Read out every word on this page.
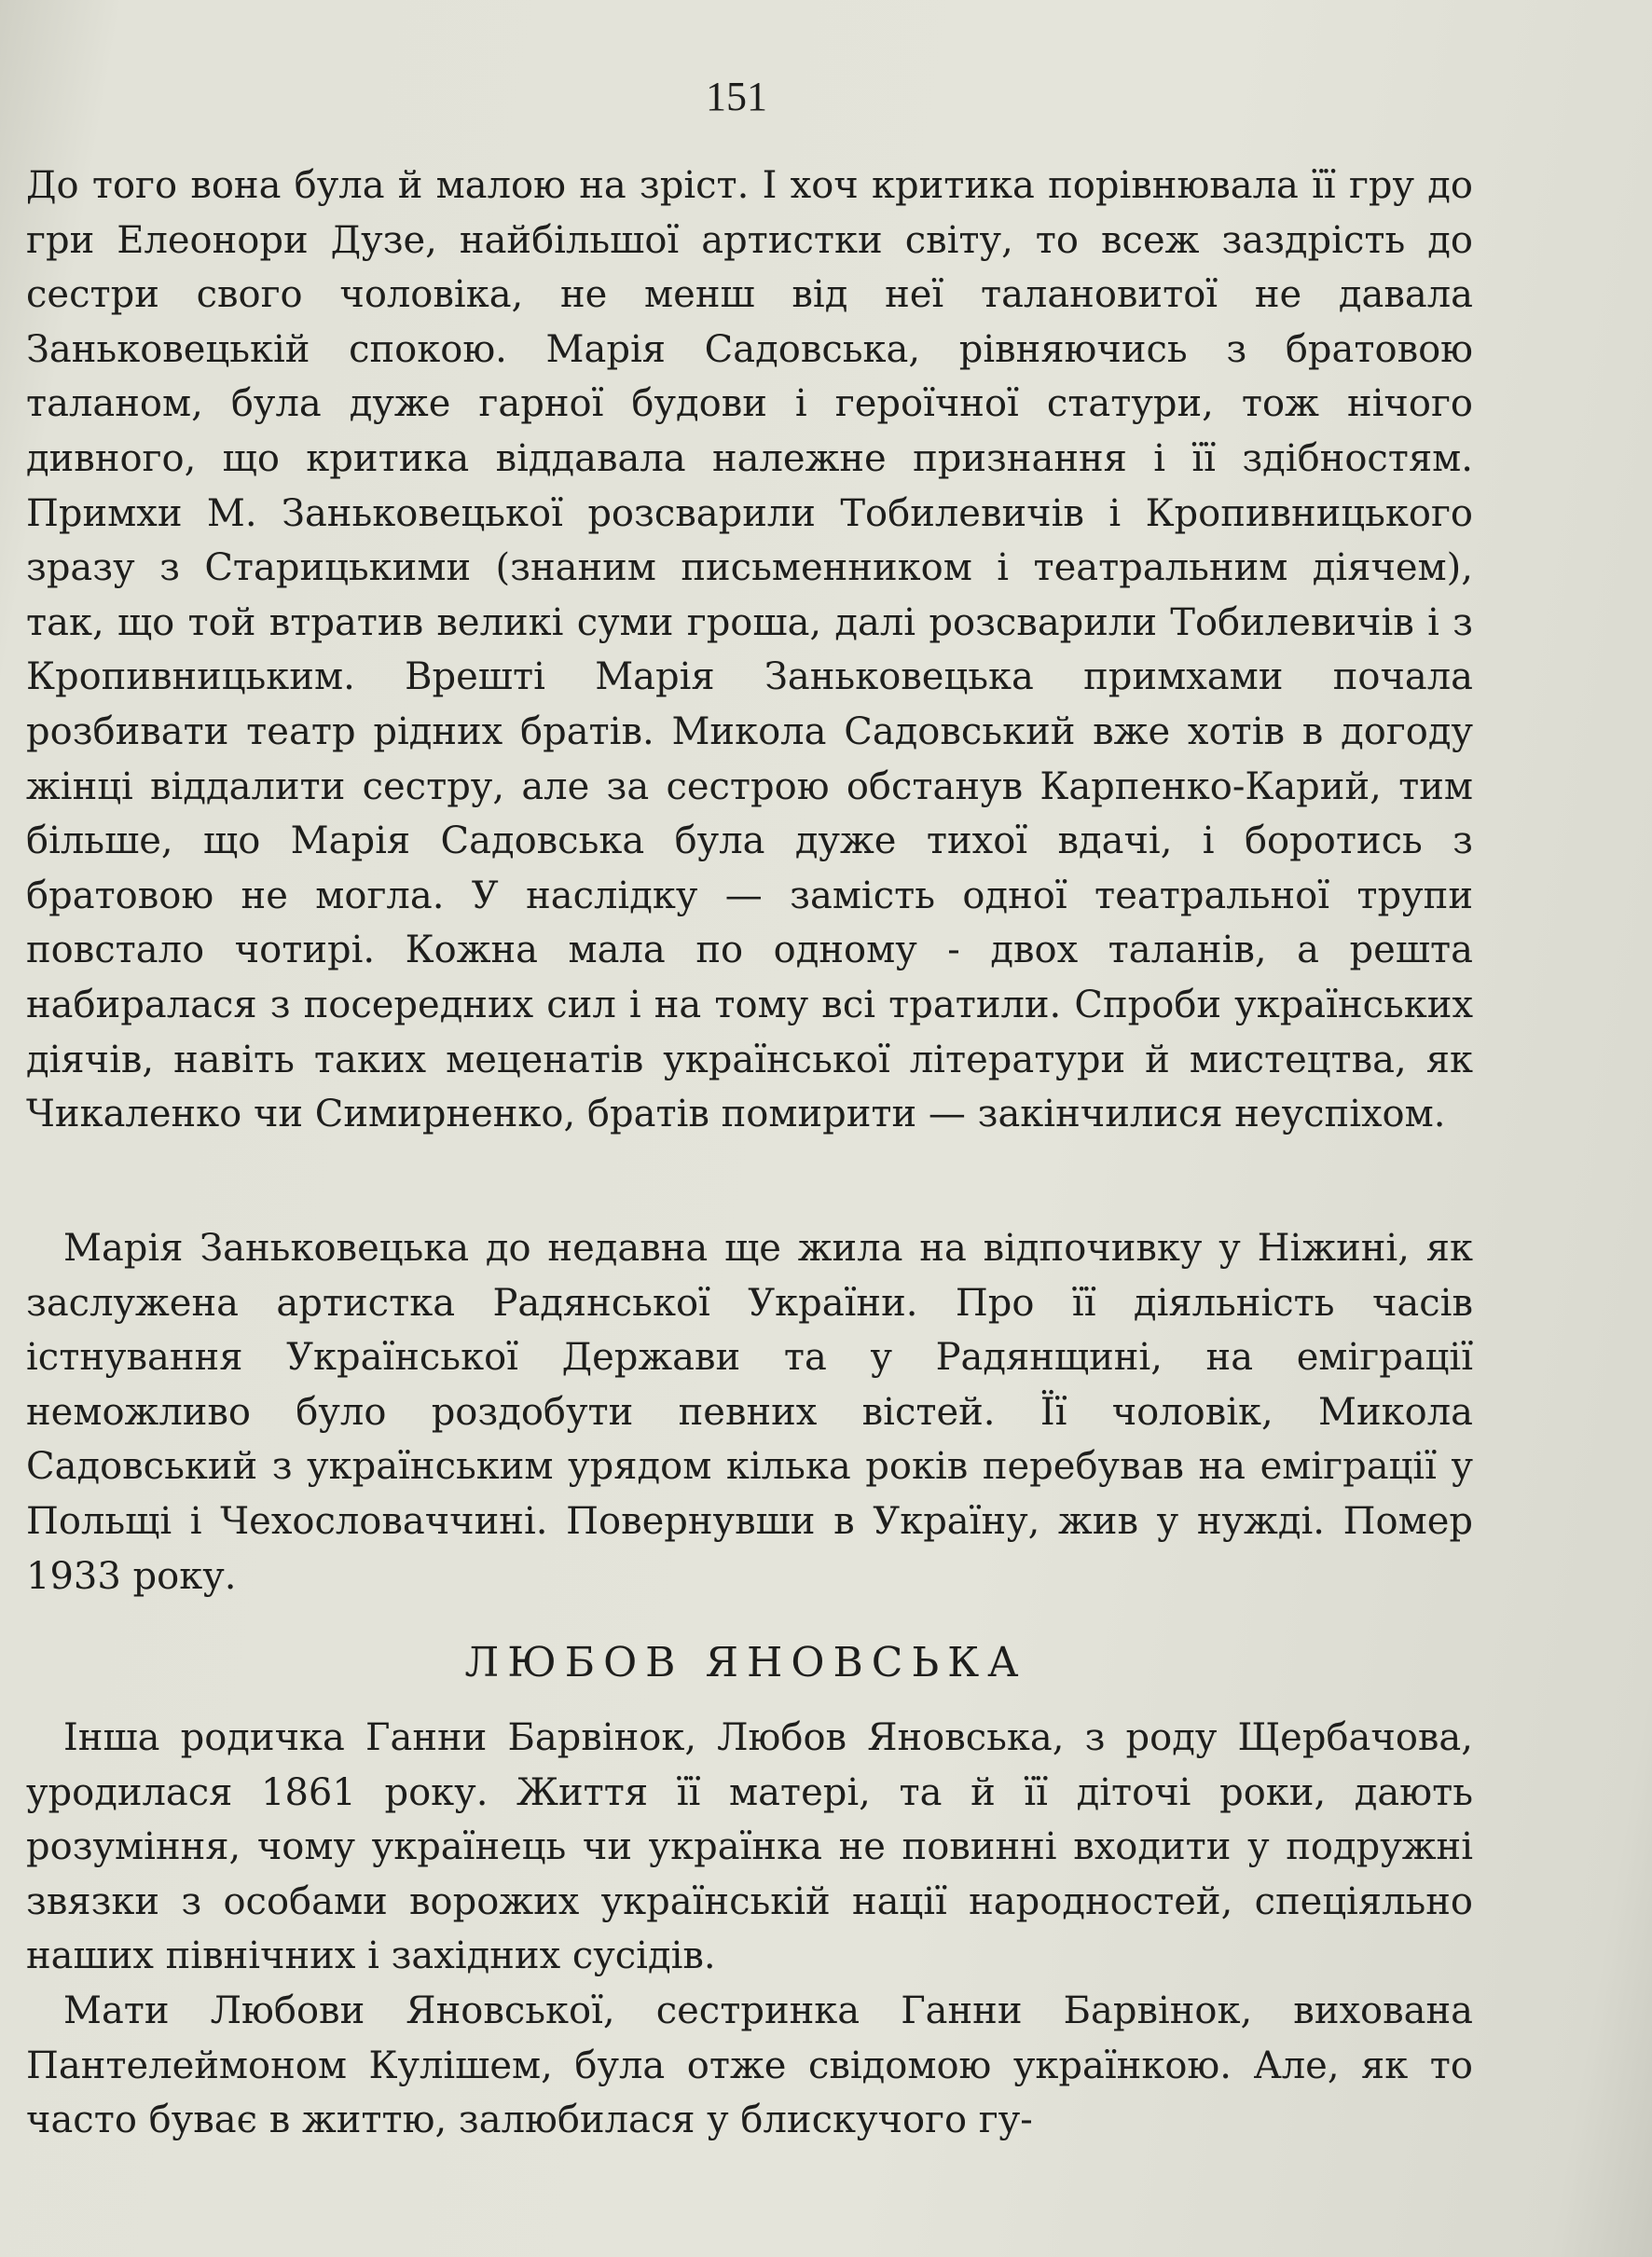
151

До того вона була й малою на зріст. І хоч критика порівнювала її гру до гри Елеонори Дузе, найбільшої артистки світу, то всеж заздрість до сестри свого чоловіка, не менш від неї талановитої не давала Заньковецькій спокою. Марія Садовська, рівняючись з братовою таланом, була дуже гарної будови і героїчної статури, тож нічого дивного, що критика віддавала належне признання і її здібностям. Примхи М. Заньковецької розсварили Тобилевичів і Кропивницького зразу з Старицькими (знаним письменником і театральним діячем), так, що той втратив великі суми гроша, далі розсварили Тобилевичів і з Кропивницьким. Врешті Марія Заньковецька примхами почала розбивати театр рідних братів. Микола Садовський вже хотів в догоду жінці віддалити сестру, але за сестрою обстанув Карпенко-Карий, тим більше, що Марія Садовська була дуже тихої вдачі, і боротись з братовою не могла. У наслідку — замість одної театральної трупи повстало чотирі. Кожна мала по одному - двох таланів, а решта набиралася з посередних сил і на тому всі тратили. Спроби українських діячів, навіть таких меценатів української літератури й мистецтва, як Чикаленко чи Симирненко, братів помирити — закінчилися неуспіхом.

Марія Заньковецька до недавна ще жила на відпочивку у Ніжині, як заслужена артистка Радянської України. Про її діяльність часів істнування Української Держави та у Радянщині, на еміграції неможливо було роздобути певних вістей. Її чоловік, Микола Садовський з українським урядом кілька років перебував на еміграції у Польщі і Чехословаччині. Повернувши в Україну, жив у нужді. Помер 1933 року.

ЛЮБОВ ЯНОВСЬКА

Інша родичка Ганни Барвінок, Любов Яновська, з роду Щербачова, уродилася 1861 року. Життя її матері, та й її діточі роки, дають розуміння, чому українець чи українка не повинні входити у подружні звязки з особами ворожих українській нації народностей, спеціяльно наших північних і західних сусідів.

Мати Любови Яновської, сестринка Ганни Барвінок, вихована Пантелеймоном Кулішем, була отже свідомою українкою. Але, як то часто буває в життю, залюбилася у блискучого гу-
